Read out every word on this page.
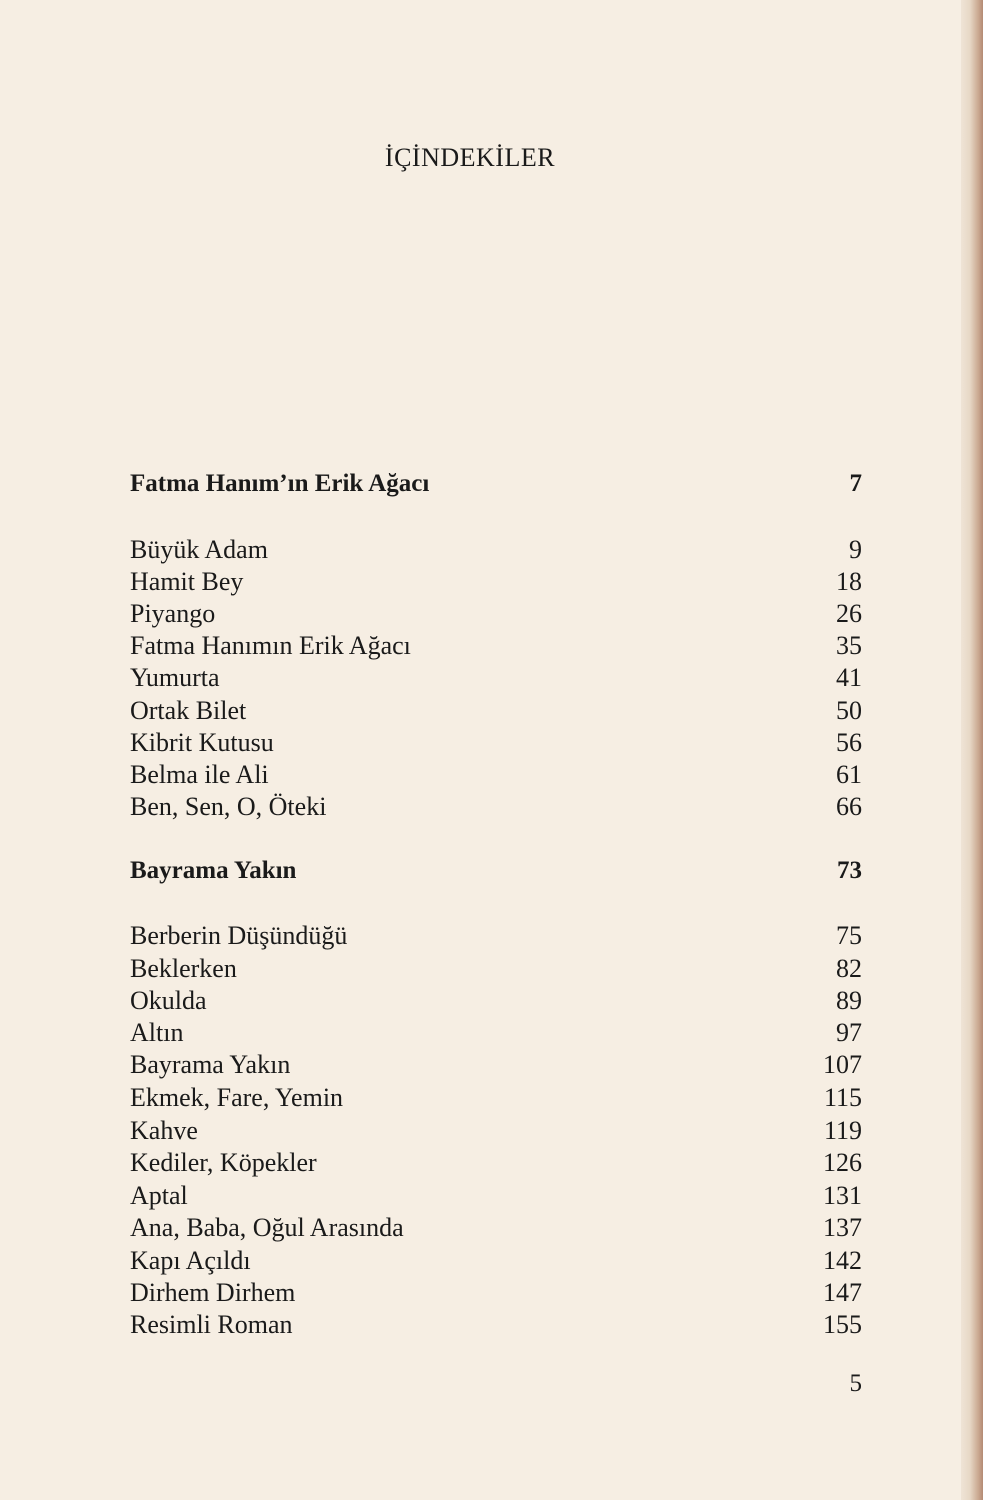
İÇİNDEKİLER
Fatma Hanım’ın Erik Ağacı	7
Büyük Adam	9
Hamit Bey	18
Piyango	26
Fatma Hanımın Erik Ağacı	35
Yumurta	41
Ortak Bilet	50
Kibrit Kutusu	56
Belma ile Ali	61
Ben, Sen, O, Öteki	66
Bayrama Yakın	73
Berberin Düşündüğü	75
Beklerken	82
Okulda	89
Altın	97
Bayrama Yakın	107
Ekmek, Fare, Yemin	115
Kahve	119
Kediler, Köpekler	126
Aptal	131
Ana, Baba, Oğul Arasında	137
Kapı Açıldı	142
Dirhem Dirhem	147
Resimli Roman	155
5
